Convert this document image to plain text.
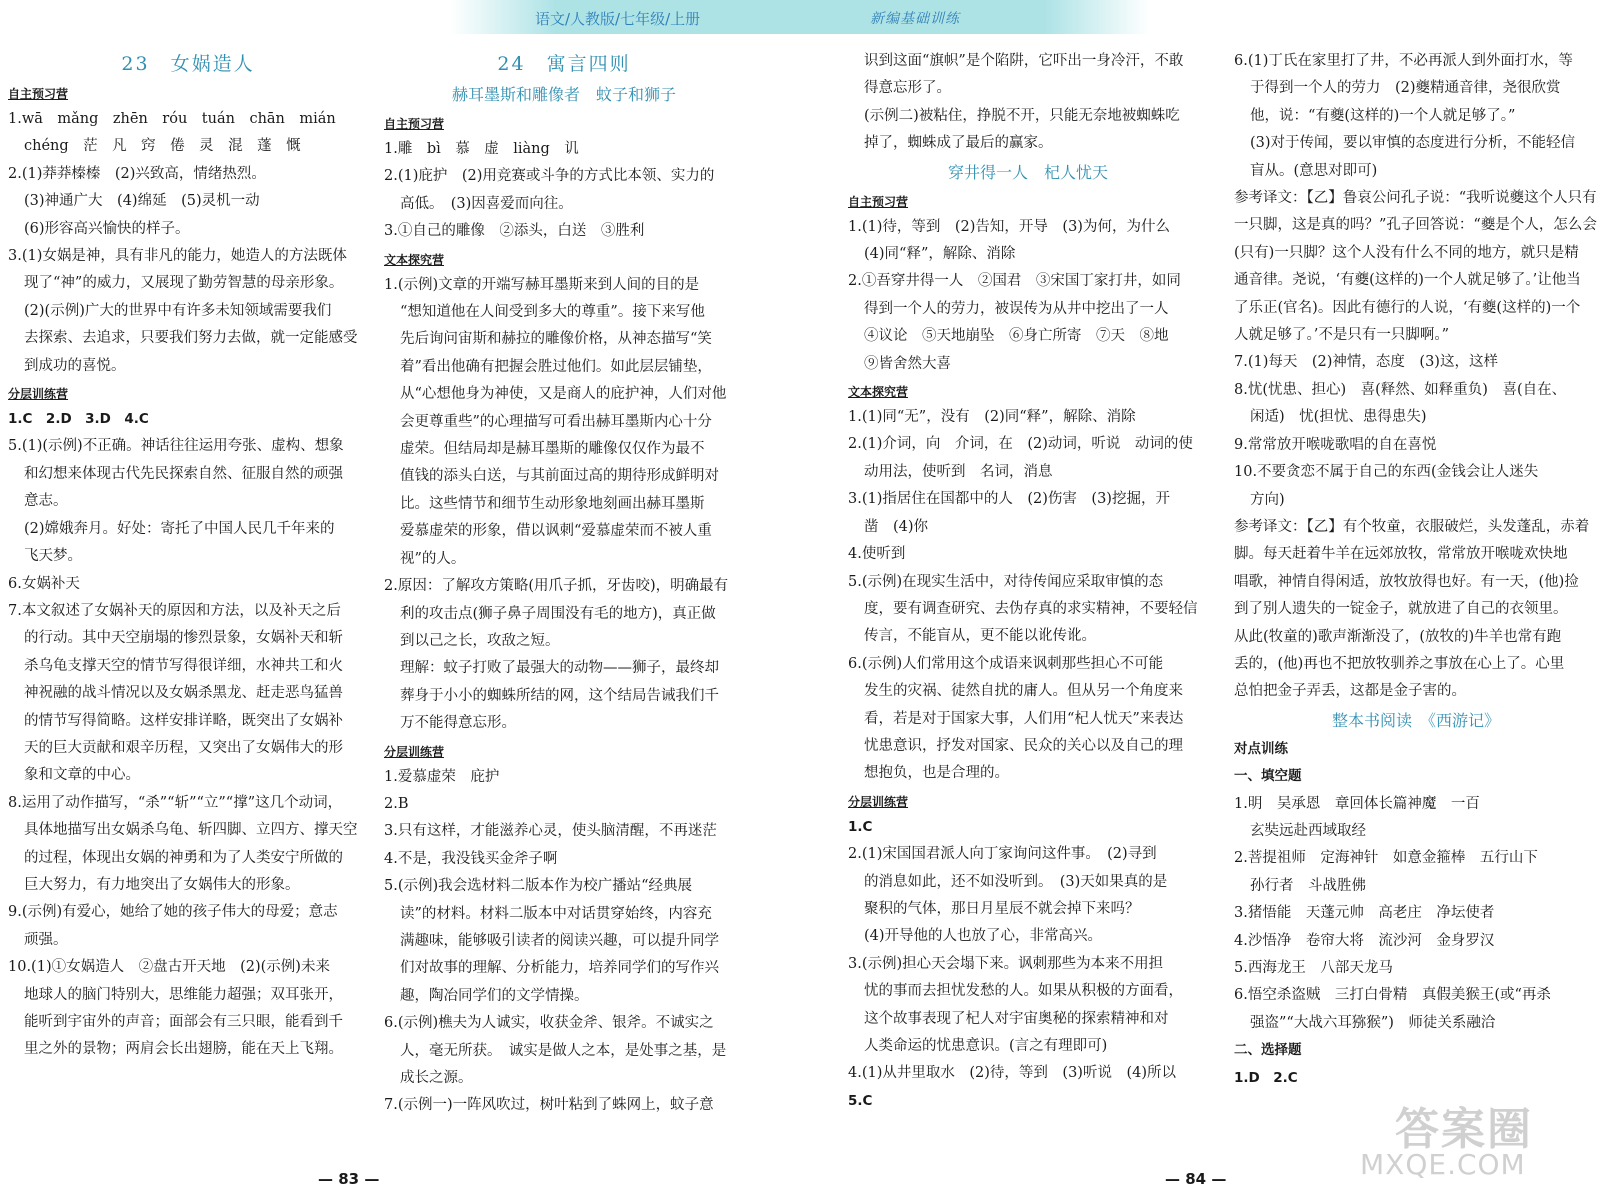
语文/人教版/七年级/上册	新编基础训练
23　女娲造人
自主预习营
1.wā　mǎng　zhēn　róu　tuán　chān　mián
chéng　茫　凡　窍　倦　灵　混　蓬　慨
2.(1)莽莽榛榛　(2)兴致高，情绪热烈。
(3)神通广大　(4)绵延　(5)灵机一动
(6)形容高兴愉快的样子。
3.(1)女娲是神，具有非凡的能力，她造人的方法既体
现了“神”的威力，又展现了勤劳智慧的母亲形象。
(2)(示例)广大的世界中有许多未知领域需要我们
去探索、去追求，只要我们努力去做，就一定能感受
到成功的喜悦。
分层训练营
1.C　2.D　3.D　4.C
5.(1)(示例)不正确。神话往往运用夸张、虚构、想象
和幻想来体现古代先民探索自然、征服自然的顽强
意志。
(2)嫦娥奔月。好处：寄托了中国人民几千年来的
飞天梦。
6.女娲补天
7.本文叙述了女娲补天的原因和方法，以及补天之后
的行动。其中天空崩塌的惨烈景象，女娲补天和斩
杀乌龟支撑天空的情节写得很详细，水神共工和火
神祝融的战斗情况以及女娲杀黑龙、赶走恶鸟猛兽
的情节写得简略。这样安排详略，既突出了女娲补
天的巨大贡献和艰辛历程，又突出了女娲伟大的形
象和文章的中心。
8.运用了动作描写，“杀”“斩”“立”“撑”这几个动词，
具体地描写出女娲杀乌龟、斩四脚、立四方、撑天空
的过程，体现出女娲的神勇和为了人类安宁所做的
巨大努力，有力地突出了女娲伟大的形象。
9.(示例)有爱心，她给了她的孩子伟大的母爱；意志
顽强。
10.(1)①女娲造人　②盘古开天地　(2)(示例)未来
地球人的脑门特别大，思维能力超强；双耳张开，
能听到宇宙外的声音；面部会有三只眼，能看到千
里之外的景物；两肩会长出翅膀，能在天上飞翔。
24　寓言四则
赫耳墨斯和雕像者　蚊子和狮子
自主预习营
1.雕　bì　慕　虚　liàng　讥
2.(1)庇护　(2)用竞赛或斗争的方式比本领、实力的
高低。　(3)因喜爱而向往。
3.①自己的雕像　②添头，白送　③胜利
文本探究营
1.(示例)文章的开端写赫耳墨斯来到人间的目的是
“想知道他在人间受到多大的尊重”。接下来写他
先后询问宙斯和赫拉的雕像价格，从神态描写“笑
着”看出他确有把握会胜过他们。如此层层铺垫，
从“心想他身为神使，又是商人的庇护神，人们对他
会更尊重些”的心理描写可看出赫耳墨斯内心十分
虚荣。但结局却是赫耳墨斯的雕像仅仅作为最不
值钱的添头白送，与其前面过高的期待形成鲜明对
比。这些情节和细节生动形象地刻画出赫耳墨斯
爱慕虚荣的形象，借以讽刺“爱慕虚荣而不被人重
视”的人。
2.原因：了解攻方策略(用爪子抓，牙齿咬)，明确最有
利的攻击点(狮子鼻子周围没有毛的地方)，真正做
到以己之长，攻敌之短。
理解：蚊子打败了最强大的动物——狮子，最终却
葬身于小小的蜘蛛所结的网，这个结局告诫我们千
万不能得意忘形。
分层训练营
1.爱慕虚荣　庇护
2.B
3.只有这样，才能滋养心灵，使头脑清醒，不再迷茫
4.不是，我没钱买金斧子啊
5.(示例)我会选材料二版本作为校广播站“经典展
读”的材料。材料二版本中对话贯穿始终，内容充
满趣味，能够吸引读者的阅读兴趣，可以提升同学
们对故事的理解、分析能力，培养同学们的写作兴
趣，陶冶同学们的文学情操。
6.(示例)樵夫为人诚实，收获金斧、银斧。不诚实之
人，毫无所获。　诚实是做人之本，是处事之基，是
成长之源。
7.(示例一)一阵风吹过，树叶粘到了蛛网上，蚊子意
识到这面“旗帜”是个陷阱，它吓出一身冷汗，不敢
得意忘形了。
(示例二)被粘住，挣脱不开，只能无奈地被蜘蛛吃
掉了，蜘蛛成了最后的赢家。
穿井得一人　杞人忧天
自主预习营
1.(1)待，等到　(2)告知，开导　(3)为何，为什么
(4)同“释”，解除、消除
2.①吾穿井得一人　②国君　③宋国丁家打井，如同
得到一个人的劳力，被误传为从井中挖出了一人
④议论　⑤天地崩坠　⑥身亡所寄　⑦天　⑧地
⑨皆舍然大喜
文本探究营
1.(1)同“无”，没有　(2)同“释”，解除、消除
2.(1)介词，向　介词，在　(2)动词，听说　动词的使
动用法，使听到　名词，消息
3.(1)指居住在国都中的人　(2)伤害　(3)挖掘，开
凿　(4)你
4.使听到
5.(示例)在现实生活中，对待传闻应采取审慎的态
度，要有调查研究、去伪存真的求实精神，不要轻信
传言，不能盲从，更不能以讹传讹。
6.(示例)人们常用这个成语来讽刺那些担心不可能
发生的灾祸、徒然自扰的庸人。但从另一个角度来
看，若是对于国家大事，人们用“杞人忧天”来表达
忧患意识，抒发对国家、民众的关心以及自己的理
想抱负，也是合理的。
分层训练营
1.C
2.(1)宋国国君派人向丁家询问这件事。　(2)寻到
的消息如此，还不如没听到。　(3)天如果真的是
聚积的气体，那日月星辰不就会掉下来吗？
(4)开导他的人也放了心，非常高兴。
3.(示例)担心天会塌下来。讽刺那些为本来不用担
忧的事而去担忧发愁的人。如果从积极的方面看，
这个故事表现了杞人对宇宙奥秘的探索精神和对
人类命运的忧患意识。(言之有理即可)
4.(1)从井里取水　(2)待，等到　(3)听说　(4)所以
5.C
6.(1)丁氏在家里打了井，不必再派人到外面打水，等
于得到一个人的劳力　(2)夔精通音律，尧很欣赏
他，说：“有夔(这样的)一个人就足够了。”
(3)对于传闻，要以审慎的态度进行分析，不能轻信
盲从。(意思对即可)
参考译文：【乙】鲁哀公问孔子说：“我听说夔这个人只有
一只脚，这是真的吗？”孔子回答说：“夔是个人，怎么会
(只有)一只脚？这个人没有什么不同的地方，就只是精
通音律。尧说，‘有夔(这样的)一个人就足够了。’让他当
了乐正(官名)。因此有德行的人说，‘有夔(这样的)一个
人就足够了。’不是只有一只脚啊。”
7.(1)每天　(2)神情，态度　(3)这，这样
8.忧(忧患、担心)　喜(释然、如释重负)　喜(自在、
闲适)　忧(担忧、患得患失)
9.常常放开喉咙歌唱的自在喜悦
10.不要贪恋不属于自己的东西(金钱会让人迷失
方向)
参考译文：【乙】有个牧童，衣服破烂，头发蓬乱，赤着
脚。每天赶着牛羊在远郊放牧，常常放开喉咙欢快地
唱歌，神情自得闲适，放牧放得也好。有一天，(他)捡
到了别人遗失的一锭金子，就放进了自己的衣领里。
从此(牧童的)歌声渐渐没了，(放牧的)牛羊也常有跑
丢的，(他)再也不把放牧驯养之事放在心上了。心里
总怕把金子弄丢，这都是金子害的。
整本书阅读　《西游记》
对点训练
一、填空题
1.明　吴承恩　章回体长篇神魔　一百
玄奘远赴西域取经
2.菩提祖师　定海神针　如意金箍棒　五行山下
孙行者　斗战胜佛
3.猪悟能　天蓬元帅　高老庄　净坛使者
4.沙悟净　卷帘大将　流沙河　金身罗汉
5.西海龙王　八部天龙马
6.悟空杀盗贼　三打白骨精　真假美猴王(或“再杀
强盗”“大战六耳猕猴”)　师徒关系融洽
二、选择题
1.D　2.C
— 83 —	— 84 —
答案圈
MXQE.COM
